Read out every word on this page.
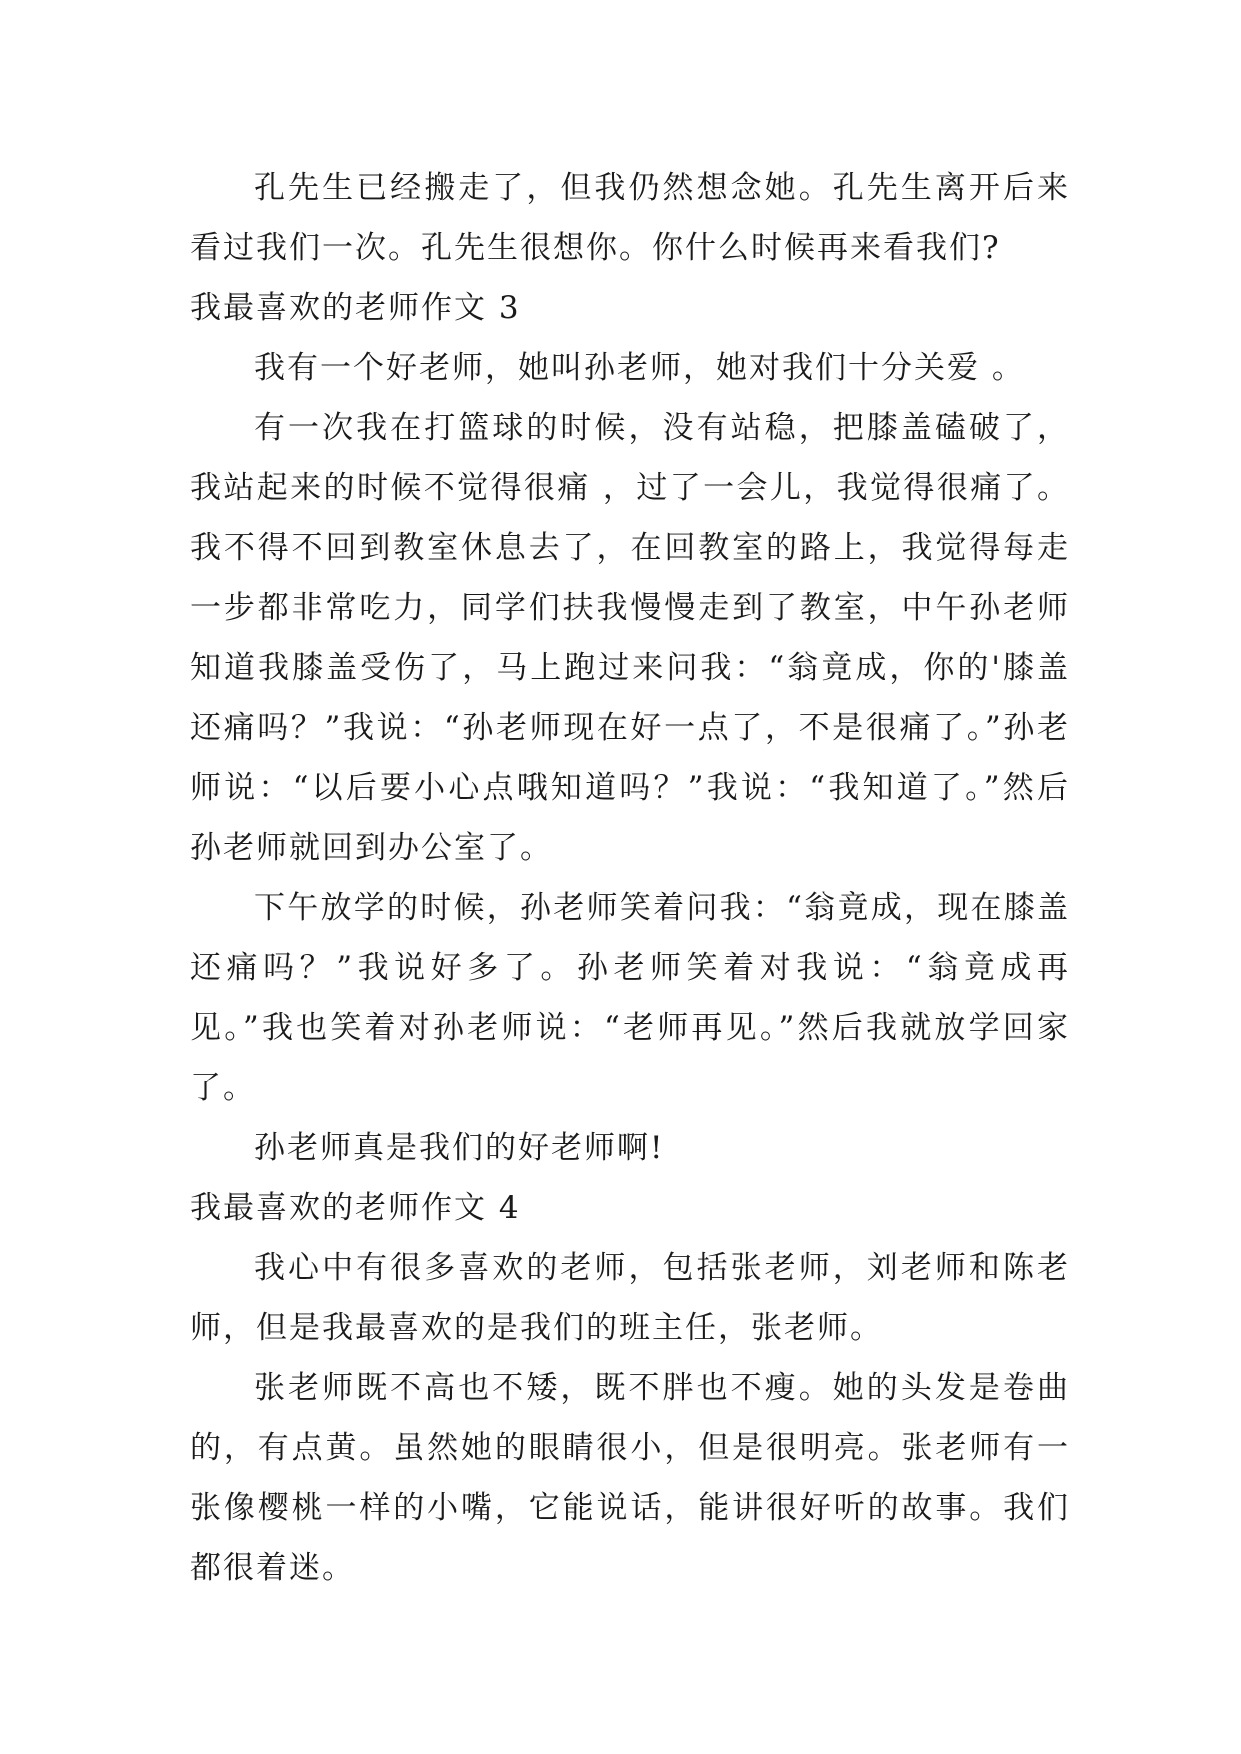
孔先生已经搬走了，但我仍然想念她。孔先生离开后来看过我们一次。孔先生很想你。你什么时候再来看我们?

我最喜欢的老师作文 3

我有一个好老师，她叫孙老师，她对我们十分关爱 。

有一次我在打篮球的时候，没有站稳，把膝盖磕破了，我站起来的时候不觉得很痛 ，过了一会儿，我觉得很痛了。我不得不回到教室休息去了，在回教室的路上，我觉得每走一步都非常吃力，同学们扶我慢慢走到了教室，中午孙老师知道我膝盖受伤了，马上跑过来问我：“翁竟成，你的'膝盖还痛吗？”我说：“孙老师现在好一点了，不是很痛了。”孙老师说：“以后要小心点哦知道吗？”我说：“我知道了。”然后孙老师就回到办公室了。

下午放学的时候，孙老师笑着问我：“翁竟成，现在膝盖还痛吗？”我说好多了。孙老师笑着对我说：“翁竟成再见。”我也笑着对孙老师说：“老师再见。”然后我就放学回家了。

孙老师真是我们的好老师啊!

我最喜欢的老师作文 4

我心中有很多喜欢的老师，包括张老师，刘老师和陈老师，但是我最喜欢的是我们的班主任，张老师。

张老师既不高也不矮，既不胖也不瘦。她的头发是卷曲的，有点黄。虽然她的眼睛很小，但是很明亮。张老师有一张像樱桃一样的小嘴，它能说话，能讲很好听的故事。我们都很着迷。
